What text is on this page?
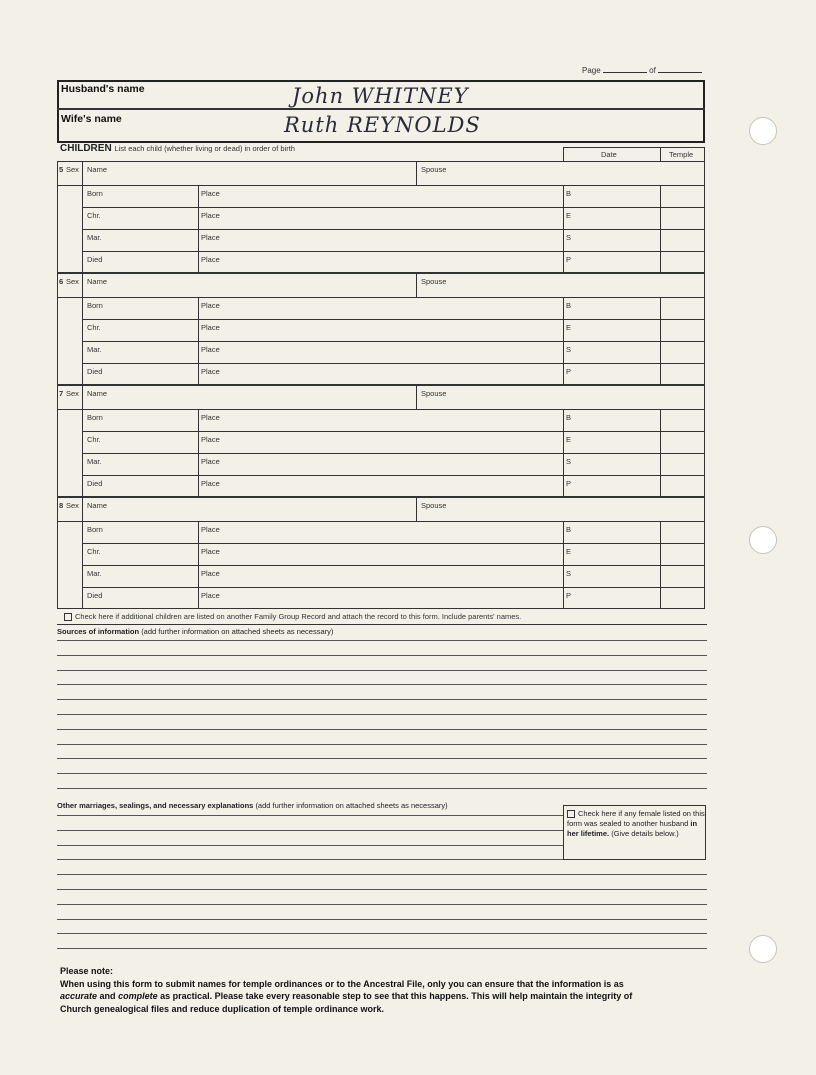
Page	of
Husband's name	John WHITNEY
Wife's name	Ruth REYNOLDS
CHILDREN List each child (whether living or dead) in order of birth
Date	Temple
5 Sex Name	Spouse
Born	Place	B
Chr.	Place	E
Mar.	Place	S
Died	Place	P
6 Sex Name	Spouse
Born	Place	B
Chr.	Place	E
Mar.	Place	S
Died	Place	P
7 Sex Name	Spouse
Born	Place	B
Chr.	Place	E
Mar.	Place	S
Died	Place	P
8 Sex Name	Spouse
Born	Place	B
Chr.	Place	E
Mar.	Place	S
Died	Place	P
Check here if additional children are listed on another Family Group Record and attach the record to this form. Include parents' names.
Sources of information (add further information on attached sheets as necessary)
Other marriages, sealings, and necessary explanations (add further information on attached sheets as necessary)
Check here if any female listed on this form was sealed to another husband in her lifetime. (Give details below.)
Please note:
When using this form to submit names for temple ordinances or to the Ancestral File, only you can ensure that the information is as
accurate and complete as practical. Please take every reasonable step to see that this happens. This will help maintain the integrity of
Church genealogical files and reduce duplication of temple ordinance work.
